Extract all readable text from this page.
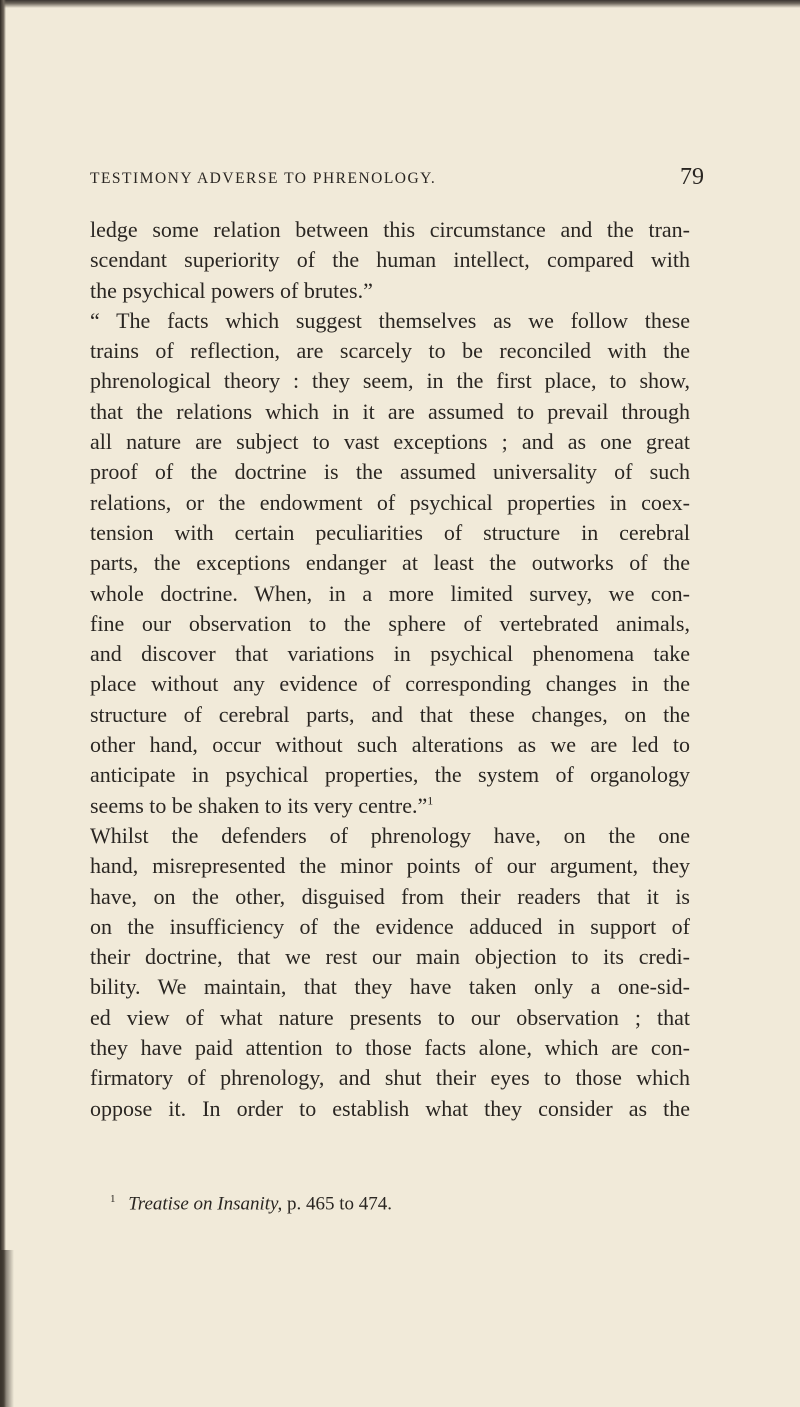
TESTIMONY ADVERSE TO PHRENOLOGY.	79
ledge some relation between this circumstance and the tran-
scendant superiority of the human intellect, compared with
the psychical powers of brutes.”
“ The facts which suggest themselves as we follow these
trains of reflection, are scarcely to be reconciled with the
phrenological theory : they seem, in the first place, to show,
that the relations which in it are assumed to prevail through
all nature are subject to vast exceptions ; and as one great
proof of the doctrine is the assumed universality of such
relations, or the endowment of psychical properties in coex-
tension with certain peculiarities of structure in cerebral
parts, the exceptions endanger at least the outworks of the
whole doctrine. When, in a more limited survey, we con-
fine our observation to the sphere of vertebrated animals,
and discover that variations in psychical phenomena take
place without any evidence of corresponding changes in the
structure of cerebral parts, and that these changes, on the
other hand, occur without such alterations as we are led to
anticipate in psychical properties, the system of organology
seems to be shaken to its very centre.”$^1$
Whilst the defenders of phrenology have, on the one
hand, misrepresented the minor points of our argument, they
have, on the other, disguised from their readers that it is
on the insufficiency of the evidence adduced in support of
their doctrine, that we rest our main objection to its credi-
bility. We maintain, that they have taken only a one-sid-
ed view of what nature presents to our observation ; that
they have paid attention to those facts alone, which are con-
firmatory of phrenology, and shut their eyes to those which
oppose it. In order to establish what they consider as the
$^1$ Treatise on Insanity, p. 465 to 474.
